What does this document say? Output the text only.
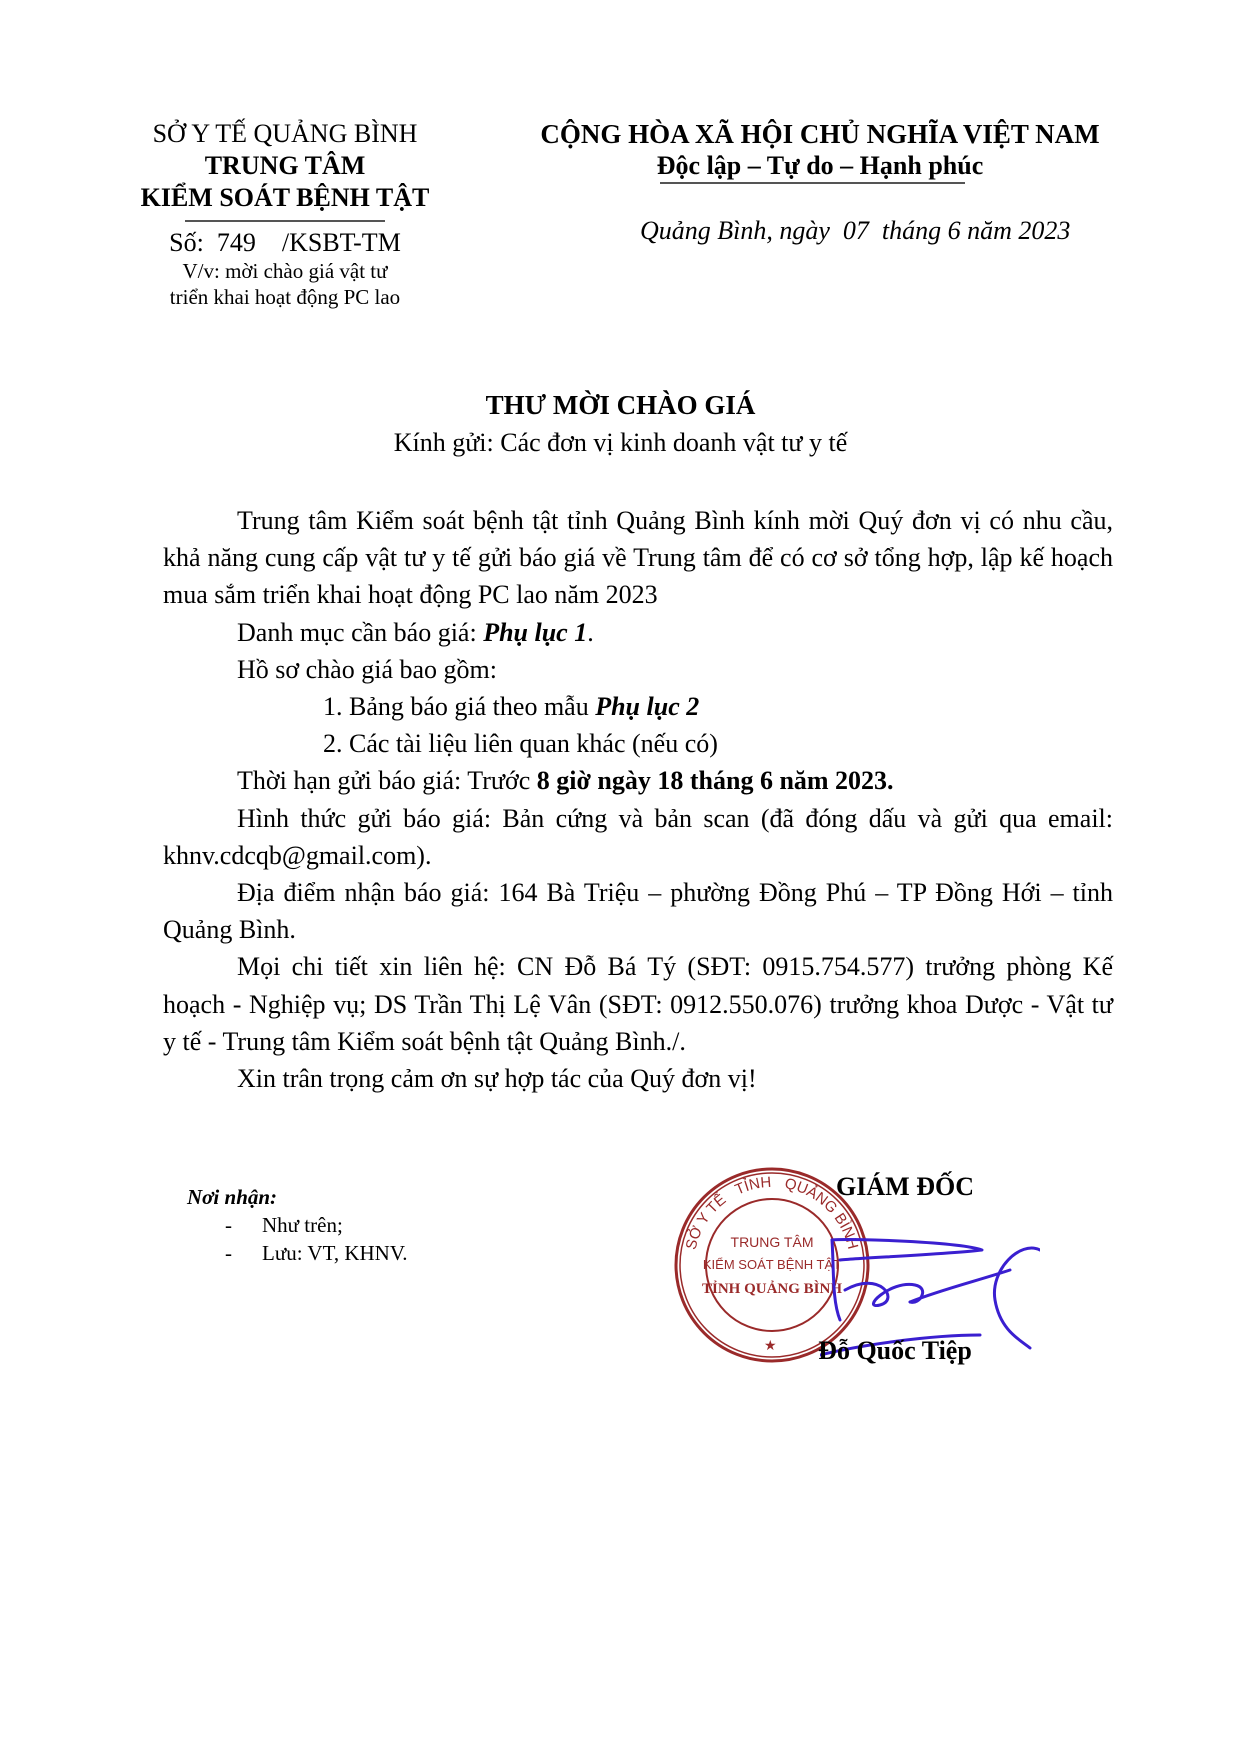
SỞ Y TẾ QUẢNG BÌNH
TRUNG TÂM
KIỂM SOÁT BỆNH TẬT
Số:  749    /KSBT-TM
V/v: mời chào giá vật tư
triển khai hoạt động PC lao
CỘNG HÒA XÃ HỘI CHỦ NGHĨA VIỆT NAM
Độc lập – Tự do – Hạnh phúc
Quảng Bình, ngày  07  tháng 6 năm 2023
THƯ MỜI CHÀO GIÁ
Kính gửi: Các đơn vị kinh doanh vật tư y tế

Trung tâm Kiểm soát bệnh tật tỉnh Quảng Bình kính mời Quý đơn vị có nhu cầu, khả năng cung cấp vật tư y tế gửi báo giá về Trung tâm để có cơ sở tổng hợp, lập kế hoạch mua sắm triển khai hoạt động PC lao năm 2023

Danh mục cần báo giá: Phụ lục 1.

Hồ sơ chào giá bao gồm:

1. Bảng báo giá theo mẫu Phụ lục 2

2. Các tài liệu liên quan khác (nếu có)

Thời hạn gửi báo giá: Trước 8 giờ ngày 18 tháng 6 năm 2023.

Hình thức gửi báo giá: Bản cứng và bản scan (đã đóng dấu và gửi qua email: khnv.cdcqb@gmail.com).

Địa điểm nhận báo giá: 164 Bà Triệu – phường Đồng Phú – TP Đồng Hới – tỉnh Quảng Bình.

Mọi chi tiết xin liên hệ: CN Đỗ Bá Tý (SĐT: 0915.754.577) trưởng phòng Kế hoạch - Nghiệp vụ; DS Trần Thị Lệ Vân (SĐT: 0912.550.076) trưởng khoa Dược - Vật tư y tế - Trung tâm Kiểm soát bệnh tật Quảng Bình./.

Xin trân trọng cảm ơn sự hợp tác của Quý đơn vị!

Nơi nhận:
- Như trên;
- Lưu: VT, KHNV.	SỞ Y TẾ   TỈNH   QUẢNG BÌNH
TRUNG TÂM
KIỂM SOÁT BỆNH TẬT
TỈNH QUẢNG BÌNH
★
GIÁM ĐỐC
Đỗ Quốc Tiệp
